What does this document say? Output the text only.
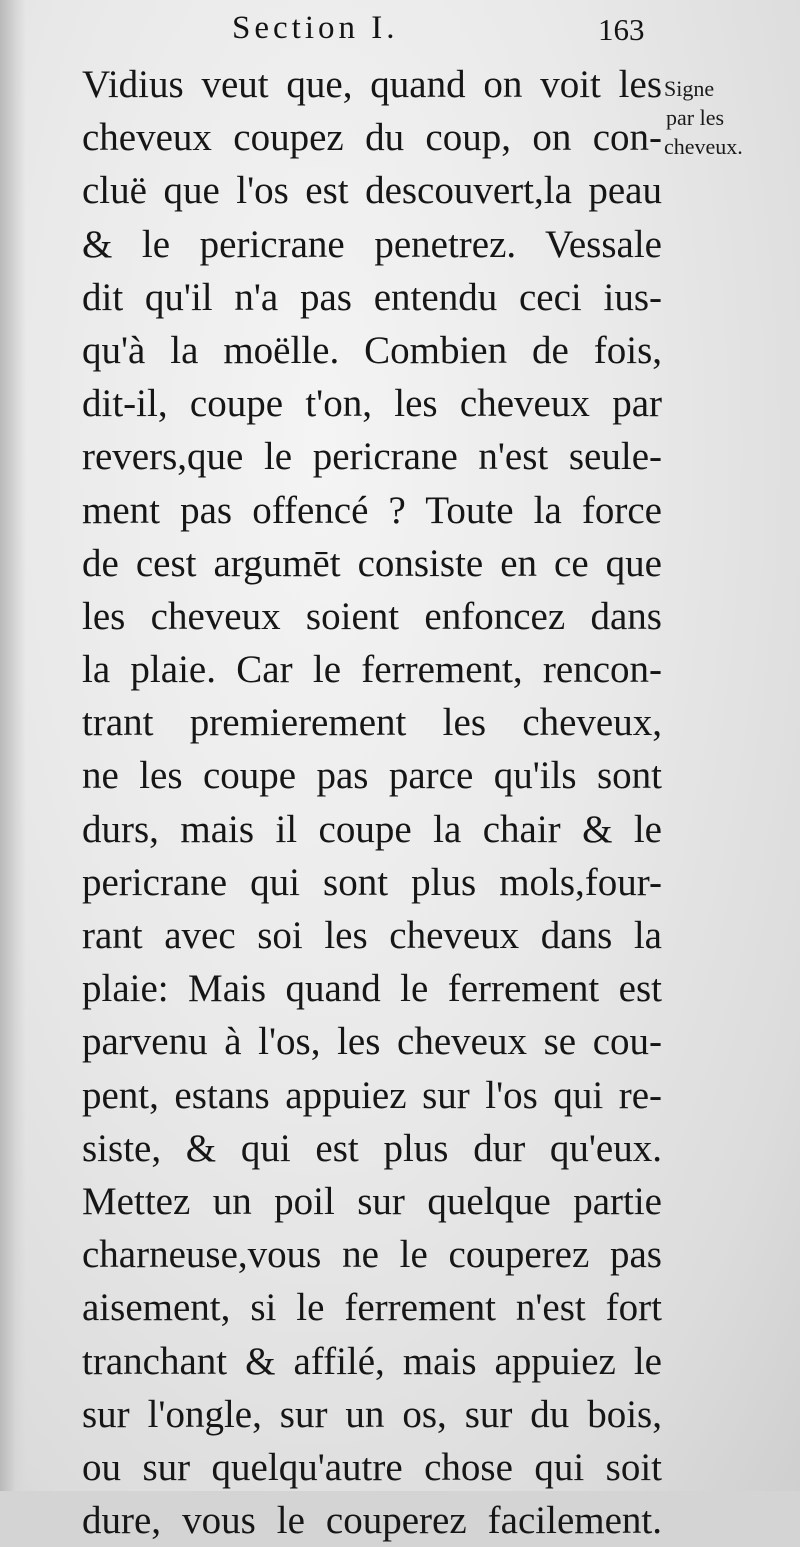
Section I.	163
Vidius veut que, quand on voit les
cheveux coupez du coup, on con-
cluë que l'os est descouvert,la peau
& le pericrane penetrez. Vessale
dit qu'il n'a pas entendu ceci ius-
qu'à la moëlle. Combien de fois,
dit-il, coupe t'on, les cheveux par
revers,que le pericrane n'est seule-
ment pas offencé ? Toute la force
de cest argumēt consiste en ce que
les cheveux soient enfoncez dans
la plaie. Car le ferrement, rencon-
trant premierement les cheveux,
ne les coupe pas parce qu'ils sont
durs, mais il coupe la chair & le
pericrane qui sont plus mols,four-
rant avec soi les cheveux dans la
plaie: Mais quand le ferrement est
parvenu à l'os, les cheveux se cou-
pent, estans appuiez sur l'os qui re-
siste, & qui est plus dur qu'eux.
Mettez un poil sur quelque partie
charneuse,vous ne le couperez pas
aisement, si le ferrement n'est fort
tranchant & affilé, mais appuiez le
sur l'ongle, sur un os, sur du bois,
ou sur quelqu'autre chose qui soit
dure, vous le couperez facilement.
Signe
par les
cheveux.
